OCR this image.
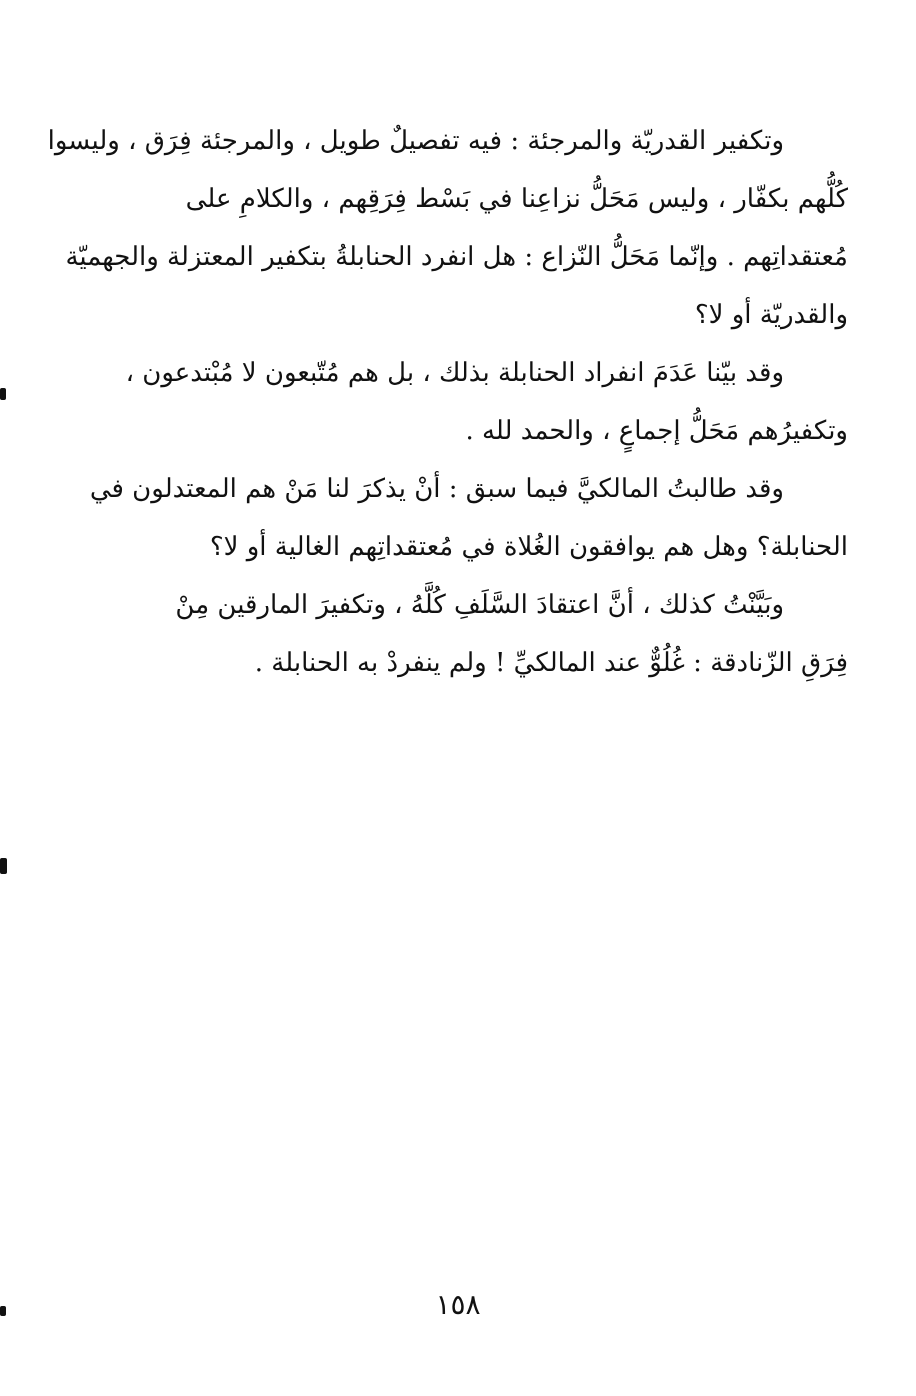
وتكفير القدريّة والمرجئة : فيه تفصيلٌ طويل ، والمرجئة فِرَق ، وليسوا
كُلُّهم بكفّار ، وليس مَحَلُّ نزاعِنا في بَسْط فِرَقِهم ، والكلامِ على
مُعتقداتِهم . وإنّما مَحَلُّ النّزاع : هل انفرد الحنابلةُ بتكفير المعتزلة والجهميّة
والقدريّة أو لا؟

وقد بيّنا عَدَمَ انفراد الحنابلة بذلك ، بل هم مُتّبعون لا مُبْتدعون ،
وتكفيرُهم مَحَلُّ إجماعٍ ، والحمد لله .

وقد طالبتُ المالكيَّ فيما سبق : أنْ يذكرَ لنا مَنْ هم المعتدلون في
الحنابلة؟ وهل هم يوافقون الغُلاة في مُعتقداتِهم الغالية أو لا؟

وبَيَّنْتُ كذلك ، أنَّ اعتقادَ السَّلَفِ كُلَّهُ ، وتكفيرَ المارقين مِنْ
فِرَقِ الزّنادقة : غُلُوٌّ عند المالكيِّ ! ولم ينفردْ به الحنابلة .

١٥٨
